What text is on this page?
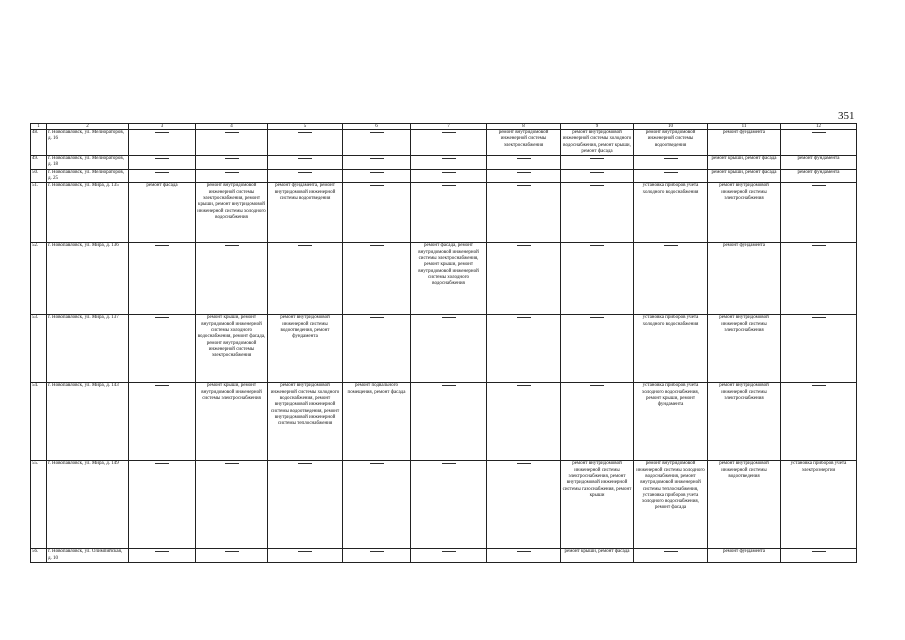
351
1	2	3	4	5	6	7	8	9	10	11	12
48.	г. Новопавловск, ул. Мелиораторов, д. 16						ремонт внутридомовой инженерной системы электроснабжения	ремонт внутридомовой инженерной системы холодного водоснабжения, ремонт крыши, ремонт фасада	ремонт внутридомовой инженерной системы водоотведения	ремонт фундамента	

49.	г. Новопавловск, ул. Мелиораторов, д. 18									ремонт крыши, ремонт фасада	ремонт фундамента
50.	г. Новопавловск, ул. Мелиораторов, д. 25									ремонт крыши, ремонт фасада	ремонт фундамента
51.	г. Новопавловск, ул. Мира, д. 135	ремонт фасада	ремонт внутридомовой инженерной системы электроснабжения, ремонт крыши, ремонт внутридомовой инженерной системы холодного водоснабжения	ремонт фундамента, ремонт внутридомовой инженерной системы водоотведения					установка приборов учета холодного водоснабжения	ремонт внутридомовой инженерной системы электроснабжения	

52.	г. Новопавловск, ул. Мира, д. 136					ремонт фасада, ремонт внутридомовой инженерной системы электроснабжения, ремонт крыши, ремонт внутридомовой инженерной системы холодного водоснабжения				ремонт фундамента	

53.	г. Новопавловск, ул. Мира, д. 137		ремонт крыши, ремонт внутридомовой инженерной системы холодного водоснабжения, ремонт фасада, ремонт внутридомовой инженерной системы электроснабжения	ремонт внутридомовой инженерной системы водоотведения, ремонт фундамента					установка приборов учета холодного водоснабжения	ремонт внутридомовой инженерной системы электроснабжения	

54.	г. Новопавловск, ул. Мира, д. 143		ремонт крыши, ремонт внутридомовой инженерной системы электроснабжения	ремонт внутридомовой инженерной системы холодного водоснабжения, ремонт внутридомовой инженерной системы водоотведения, ремонт внутридомовой инженерной системы теплоснабжения	ремонт подвального помещения, ремонт фасада				установка приборов учета холодного водоснабжения, ремонт крыши, ремонт фундамента	ремонт внутридомовой инженерной системы электроснабжения	

55.	г. Новопавловск, ул. Мира, д. 149							ремонт внутридомовой инженерной системы электроснабжения, ремонт внутридомовой инженерной системы газоснабжения, ремонт крыши	ремонт внутридомовой инженерной системы холодного водоснабжения, ремонт внутридомовой инженерной системы теплоснабжения, установка приборов учета холодного водоснабжения, ремонт фасада	ремонт внутридомовой инженерной системы водоотведения	установка приборов учета электроэнергии
56.	г. Новопавловск, ул. Олимпийская, д. 10							ремонт крыши, ремонт фасада		ремонт фундамента	
